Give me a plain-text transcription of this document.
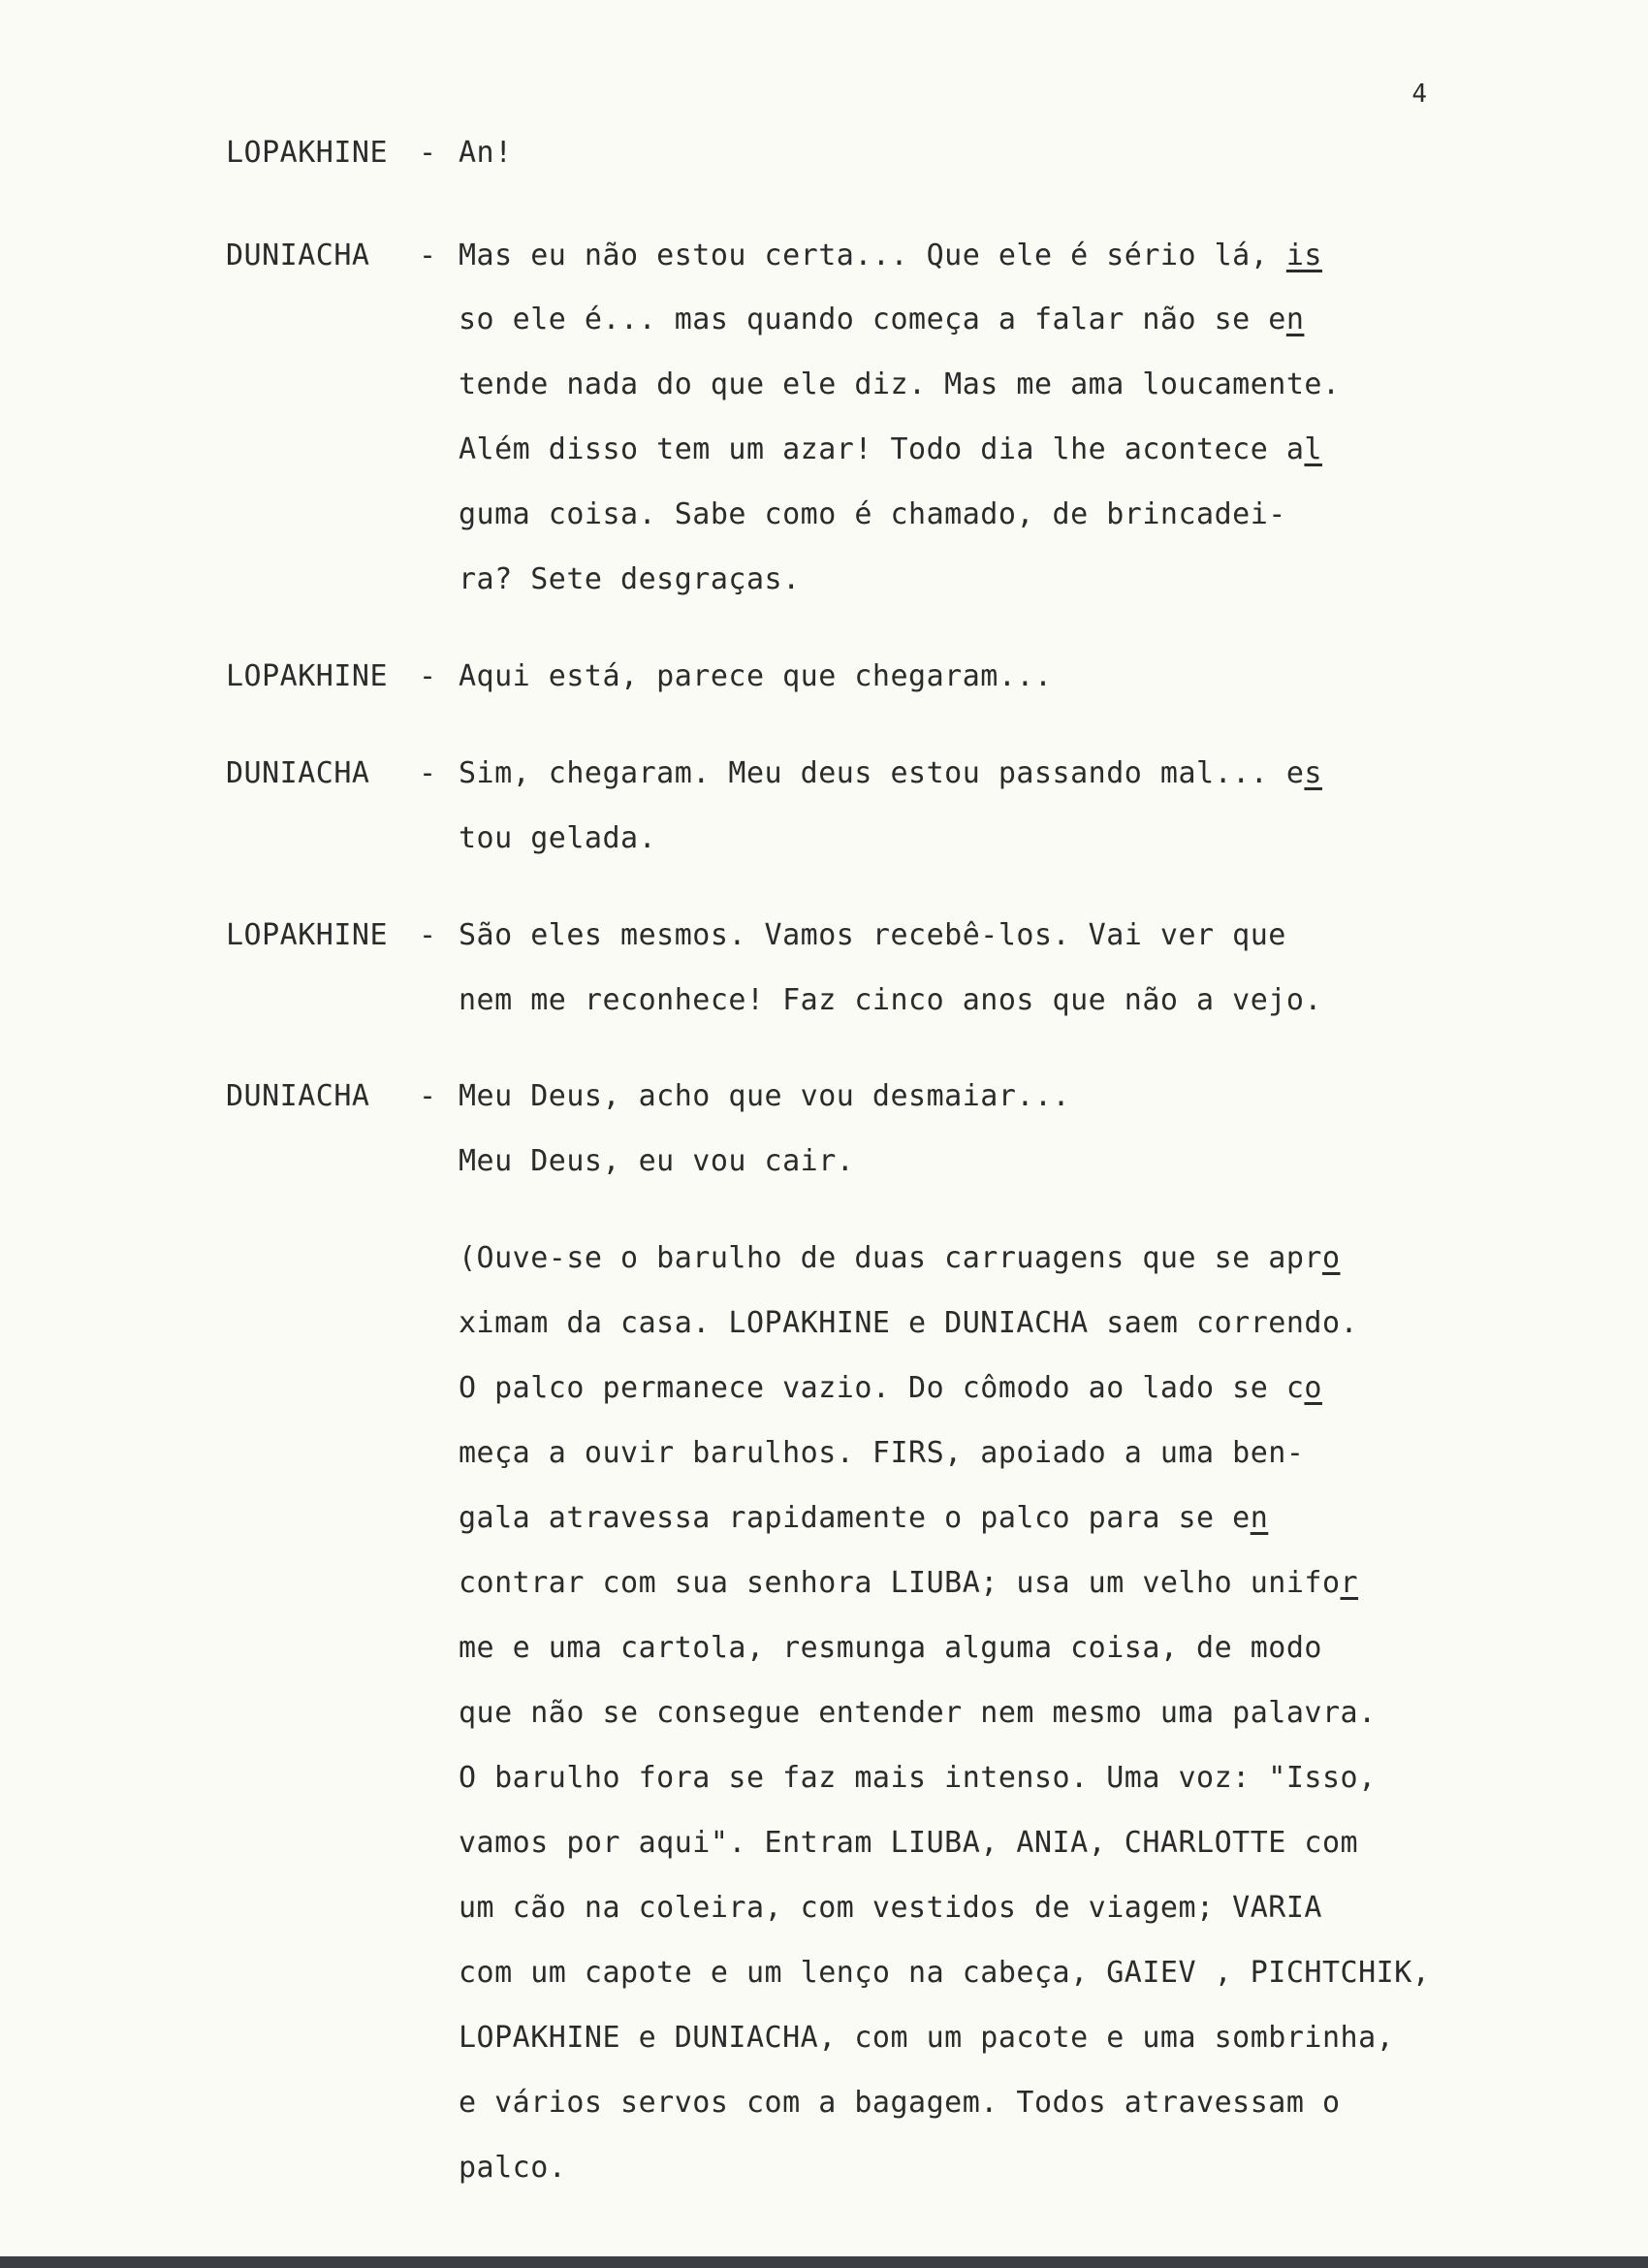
4
LOPAKHINE - An!
DUNIACHA - Mas eu não estou certa... Que ele é sério lá, is
so ele é... mas quando começa a falar não se en
tende nada do que ele diz. Mas me ama loucamente.
Além disso tem um azar! Todo dia lhe acontece al
guma coisa. Sabe como é chamado, de brincadei-
ra? Sete desgraças.
LOPAKHINE - Aqui está, parece que chegaram...
DUNIACHA - Sim, chegaram. Meu deus estou passando mal... es
tou gelada.
LOPAKHINE - São eles mesmos. Vamos recebê-los. Vai ver que
nem me reconhece! Faz cinco anos que não a vejo.
DUNIACHA - Meu Deus, acho que vou desmaiar...
Meu Deus, eu vou cair.
(Ouve-se o barulho de duas carruagens que se apro
ximam da casa. LOPAKHINE e DUNIACHA saem correndo.
O palco permanece vazio. Do cômodo ao lado se co
meça a ouvir barulhos. FIRS, apoiado a uma ben-
gala atravessa rapidamente o palco para se en
contrar com sua senhora LIUBA; usa um velho unifor
me e uma cartola, resmunga alguma coisa, de modo
que não se consegue entender nem mesmo uma palavra.
O barulho fora se faz mais intenso. Uma voz: "Isso,
vamos por aqui". Entram LIUBA, ANIA, CHARLOTTE com
um cão na coleira, com vestidos de viagem; VARIA
com um capote e um lenço na cabeça, GAIEV , PICHTCHIK,
LOPAKHINE e DUNIACHA, com um pacote e uma sombrinha,
e vários servos com a bagagem. Todos atravessam o
palco.
